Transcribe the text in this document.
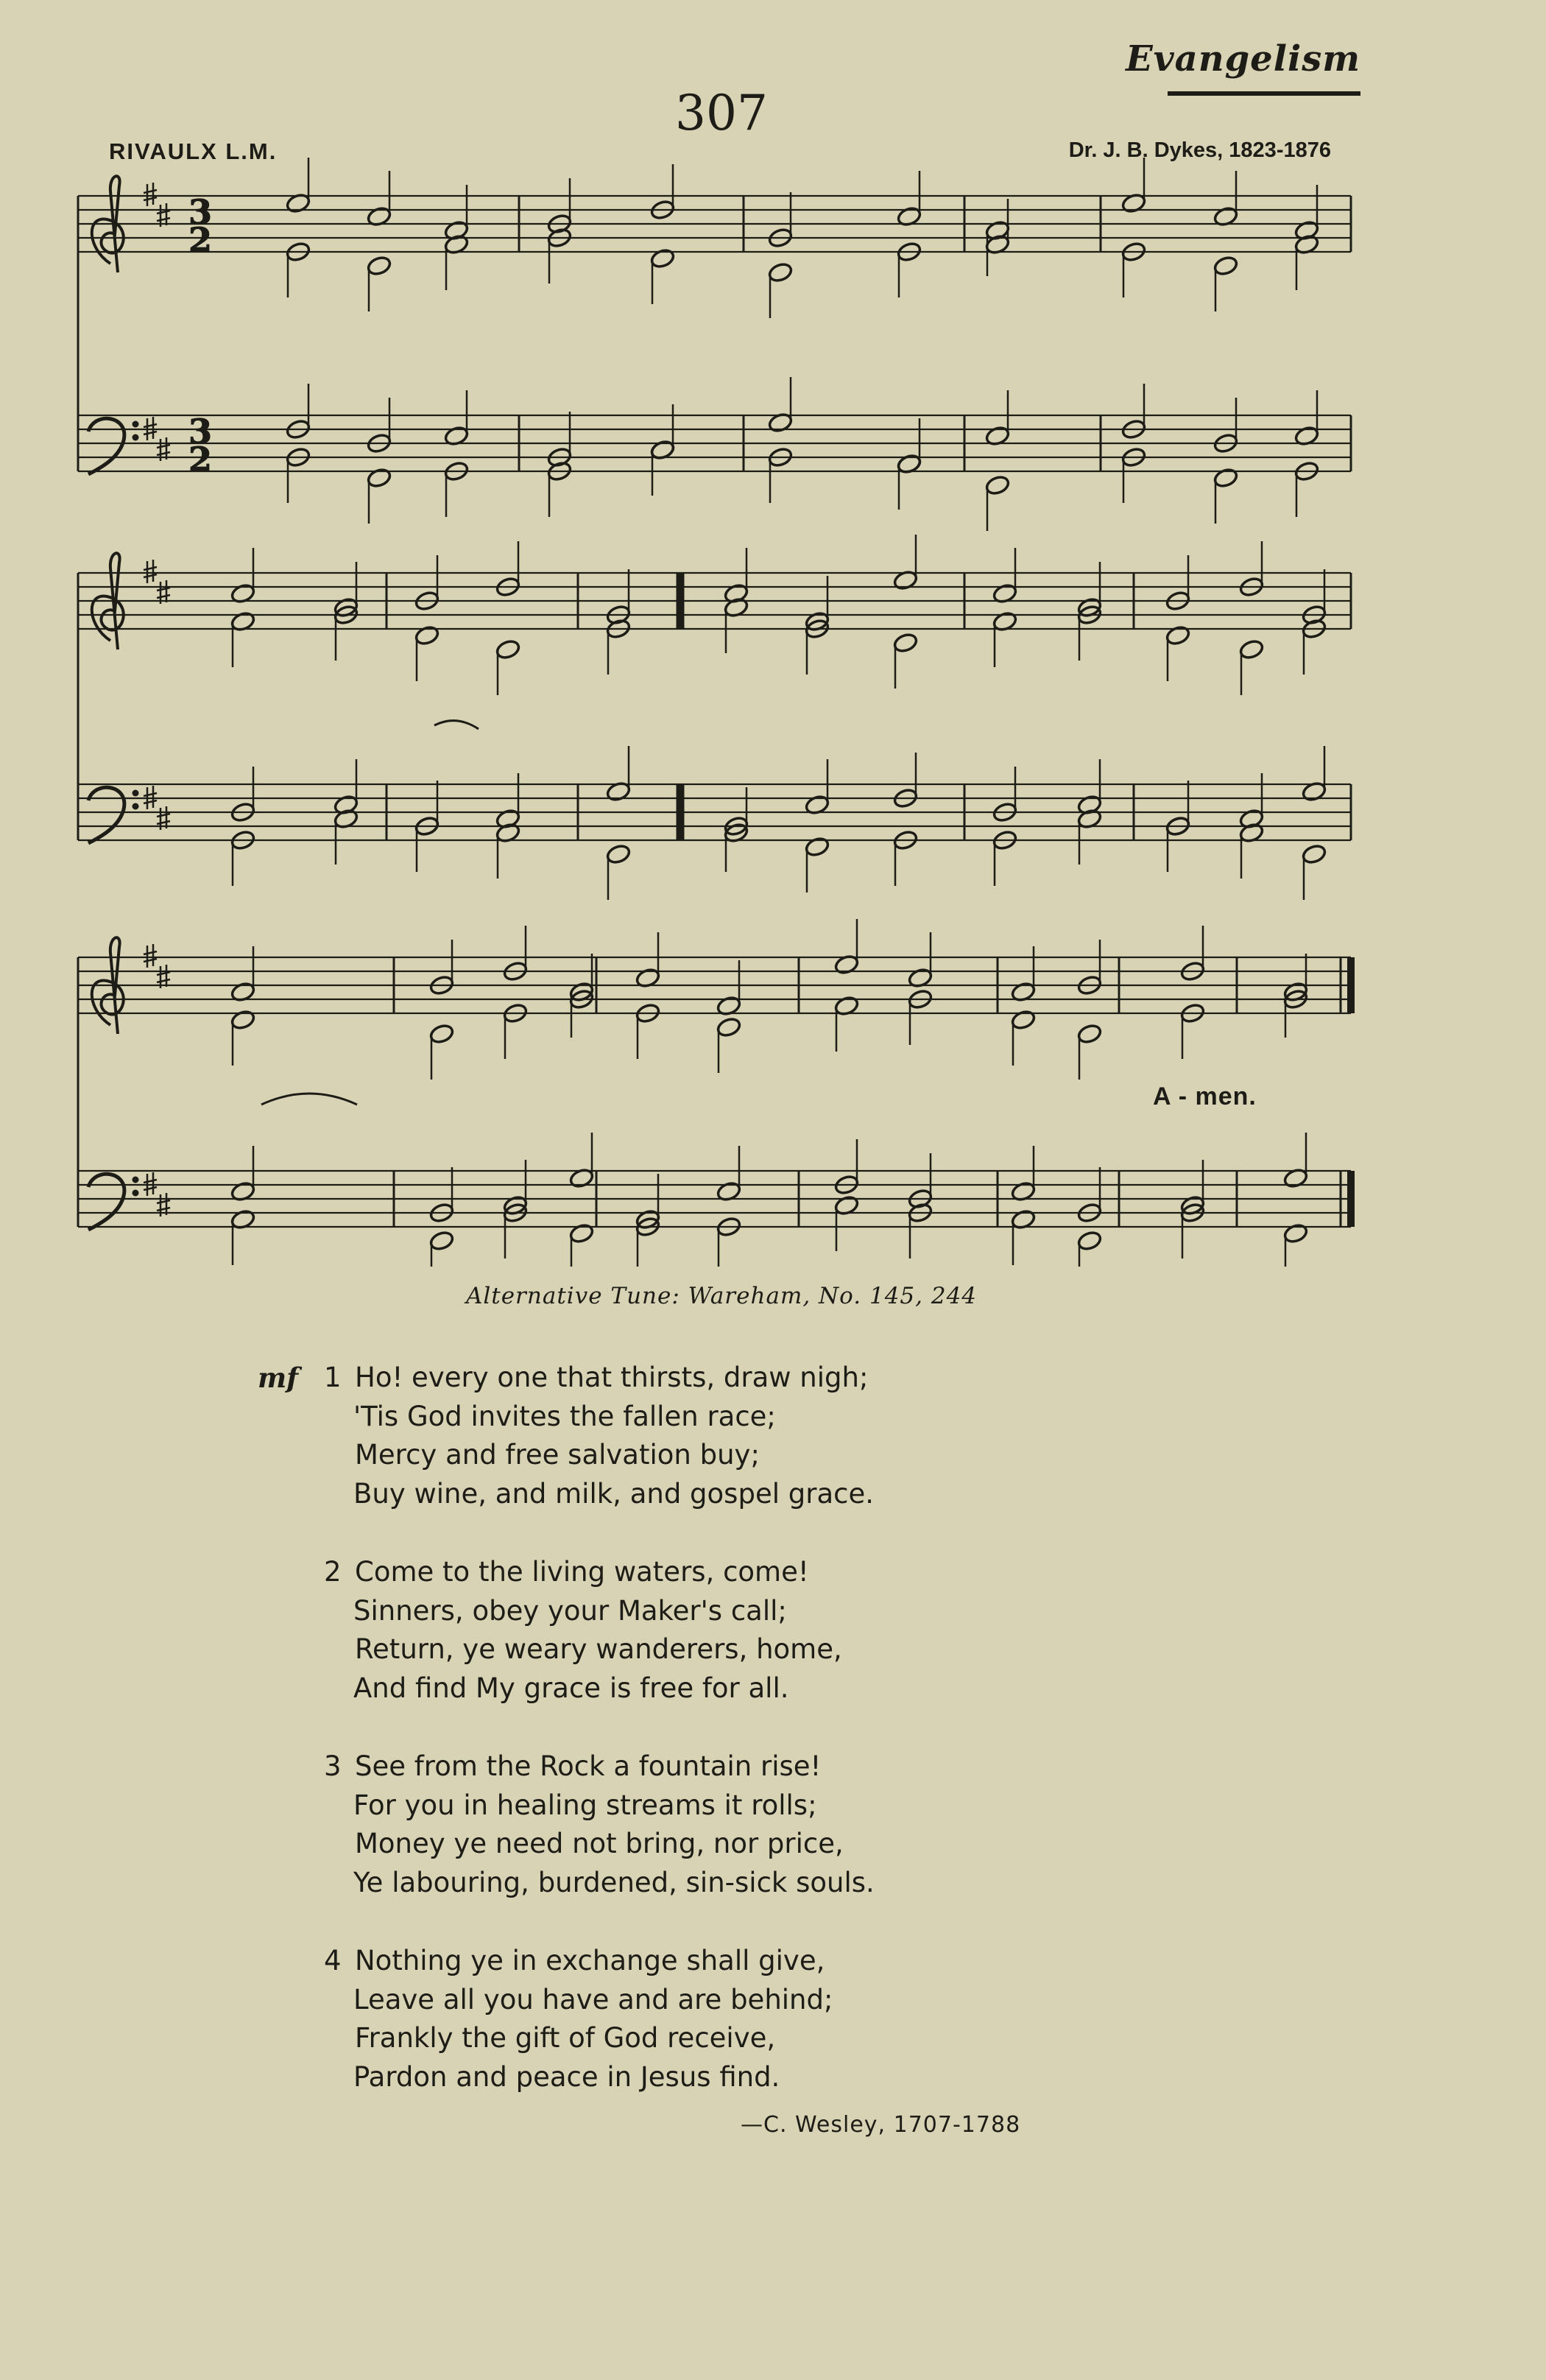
Evangelism
307
RIVAULX L.M.	Dr. J. B. Dykes, 1823-1876
3
2
3
2
A - men.
Alternative Tune: Wareham, No. 145, 244
mf 1 Ho! every one that thirsts, draw nigh;
'Tis God invites the fallen race;
Mercy and free salvation buy;
Buy wine, and milk, and gospel grace.
2 Come to the living waters, come!
Sinners, obey your Maker's call;
Return, ye weary wanderers, home,
And find My grace is free for all.
3 See from the Rock a fountain rise!
For you in healing streams it rolls;
Money ye need not bring, nor price,
Ye labouring, burdened, sin-sick souls.
4 Nothing ye in exchange shall give,
Leave all you have and are behind;
Frankly the gift of God receive,
Pardon and peace in Jesus find.
—C. Wesley, 1707-1788
